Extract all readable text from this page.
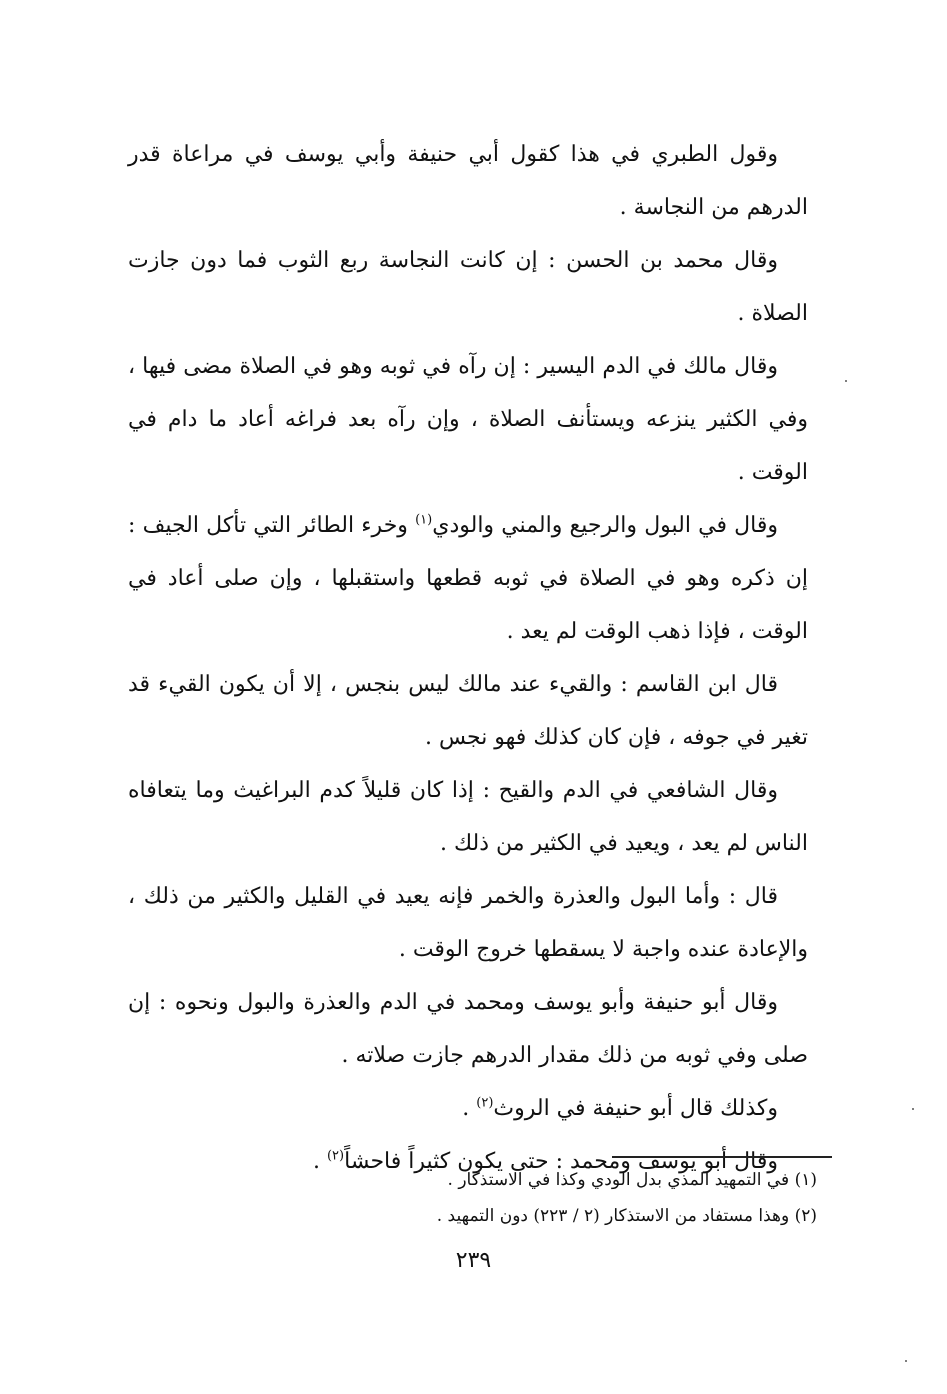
وقول الطبري في هذا كقول أبي حنيفة وأبي يوسف في مراعاة قدر الدرهم من النجاسة .

وقال محمد بن الحسن : إن كانت النجاسة ربع الثوب فما دون جازت الصلاة .

وقال مالك في الدم اليسير : إن رآه في ثوبه وهو في الصلاة مضى فيها ، وفي الكثير ينزعه ويستأنف الصلاة ، وإن رآه بعد فراغه أعاد ما دام في الوقت .

وقال في البول والرجيع والمني والودي$^{(١)}$ وخرء الطائر التي تأكل الجيف : إن ذكره وهو في الصلاة في ثوبه قطعها واستقبلها ، وإن صلى أعاد في الوقت ، فإذا ذهب الوقت لم يعد .

قال ابن القاسم : والقيء عند مالك ليس بنجس ، إلا أن يكون القيء قد تغير في جوفه ، فإن كان كذلك فهو نجس .

وقال الشافعي في الدم والقيح : إذا كان قليلاً كدم البراغيث وما يتعافاه الناس لم يعد ، ويعيد في الكثير من ذلك .

قال : وأما البول والعذرة والخمر فإنه يعيد في القليل والكثير من ذلك ، والإعادة عنده واجبة لا يسقطها خروج الوقت .

وقال أبو حنيفة وأبو يوسف ومحمد في الدم والعذرة والبول ونحوه : إن صلى وفي ثوبه من ذلك مقدار الدرهم جازت صلاته .

وكذلك قال أبو حنيفة في الروث$^{(٢)}$ .

وقال أبو يوسف ومحمد : حتى يكون كثيراً فاحشاً$^{(٢)}$ .

(١) في التمهيد المذي بدل الودي وكذا في الاستذكار .

(٢) وهذا مستفاد من الاستذكار (٢ / ٢٢٣) دون التمهيد .

٢٣٩
